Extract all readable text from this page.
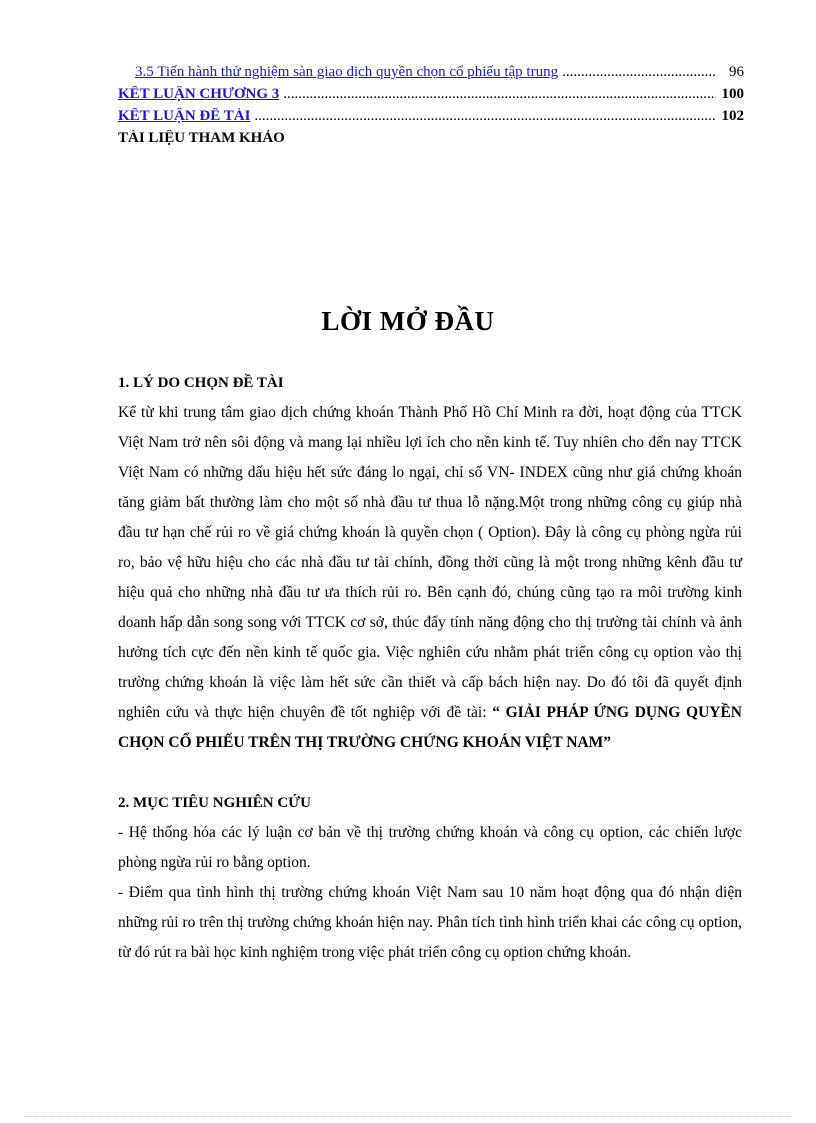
3.5 Tiến hành thử nghiệm sàn giao dịch quyền chọn cổ phiếu tập trung .....	96
KẾT LUẬN CHƯƠNG 3 .....	100
KẾT LUẬN ĐỀ TÀI .....	102
TÀI LIỆU THAM KHẢO
LỜI MỞ ĐẦU
1. LÝ DO CHỌN ĐỀ TÀI

Kể từ khi trung tâm giao dịch chứng khoán Thành Phố Hồ Chí Minh ra đời, hoạt động của TTCK Việt Nam trở nên sôi động và mang lại nhiều lợi ích cho nền kinh tế. Tuy nhiên cho đến nay TTCK Việt Nam có những dấu hiệu hết sức đáng lo ngại, chỉ số VN- INDEX cũng như giá chứng khoán tăng giảm bất thường làm cho một số nhà đầu tư thua lỗ nặng.Một trong những công cụ giúp nhà đầu tư hạn chế rủi ro về giá chứng khoán là quyền chọn ( Option). Đây là công cụ phòng ngừa rủi ro, bảo vệ hữu hiệu cho các nhà đầu tư tài chính, đồng thời cũng là một trong những kênh đầu tư hiệu quả cho những nhà đầu tư ưa thích rủi ro. Bên cạnh đó, chúng cũng tạo ra môi trường kinh doanh hấp dẫn song song với TTCK cơ sở, thúc đẩy tính năng động cho thị trường tài chính và ảnh hưởng tích cực đến nền kinh tế quốc gia. Việc nghiên cứu nhằm phát triển công cụ option vào thị trường chứng khoán là việc làm hết sức cần thiết và cấp bách hiện nay. Do đó tôi đã quyết định nghiên cứu và thực hiện chuyên đề tốt nghiệp với đề tài: “ GIẢI PHÁP ỨNG DỤNG QUYỀN CHỌN CỔ PHIẾU TRÊN THỊ TRƯỜNG CHỨNG KHOÁN VIỆT NAM”

2. MỤC TIÊU NGHIÊN CỨU

- Hệ thống hóa các lý luận cơ bản về thị trường chứng khoán và công cụ option, các chiến lược phòng ngừa rủi ro bằng option.

- Điểm qua tình hình thị trường chứng khoán Việt Nam sau 10 năm hoạt động qua đó nhận diện những rủi ro trên thị trường chứng khoán hiện nay. Phân tích tình hình triển khai các công cụ option, từ đó rút ra bài học kinh nghiệm trong việc phát triển công cụ option chứng khoán.
